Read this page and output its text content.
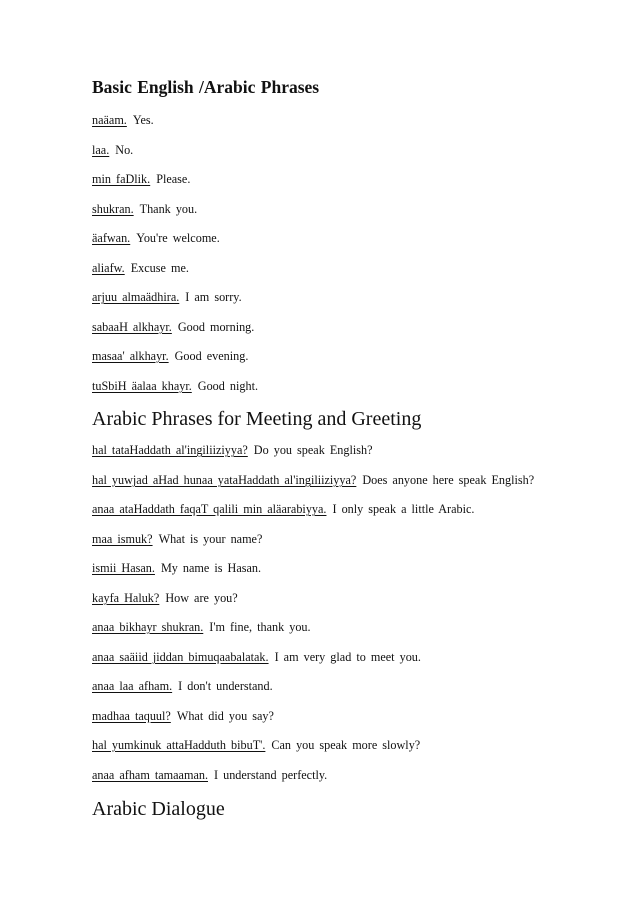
Basic English /Arabic Phrases
naäam. Yes.
laa. No.
min faDlik. Please.
shukran. Thank you.
äafwan. You're welcome.
aliafw. Excuse me.
arjuu almaädhira. I am sorry.
sabaaH alkhayr. Good morning.
masaa' alkhayr. Good evening.
tuSbiH äalaa khayr. Good night.
Arabic Phrases for Meeting and Greeting
hal tataHaddath al'ingiliiziyya? Do you speak English?
hal yuwjad aHad hunaa yataHaddath al'ingiliiziyya? Does anyone here speak English?
anaa ataHaddath faqaT qalili min aläarabiyya. I only speak a little Arabic.
maa ismuk? What is your name?
ismii Hasan. My name is Hasan.
kayfa Haluk? How are you?
anaa bikhayr shukran. I'm fine, thank you.
anaa saäiid jiddan bimuqaabalatak. I am very glad to meet you.
anaa laa afham. I don't understand.
madhaa taquul? What did you say?
hal yumkinuk attaHadduth bibuT'. Can you speak more slowly?
anaa afham tamaaman. I understand perfectly.
Arabic Dialogue
